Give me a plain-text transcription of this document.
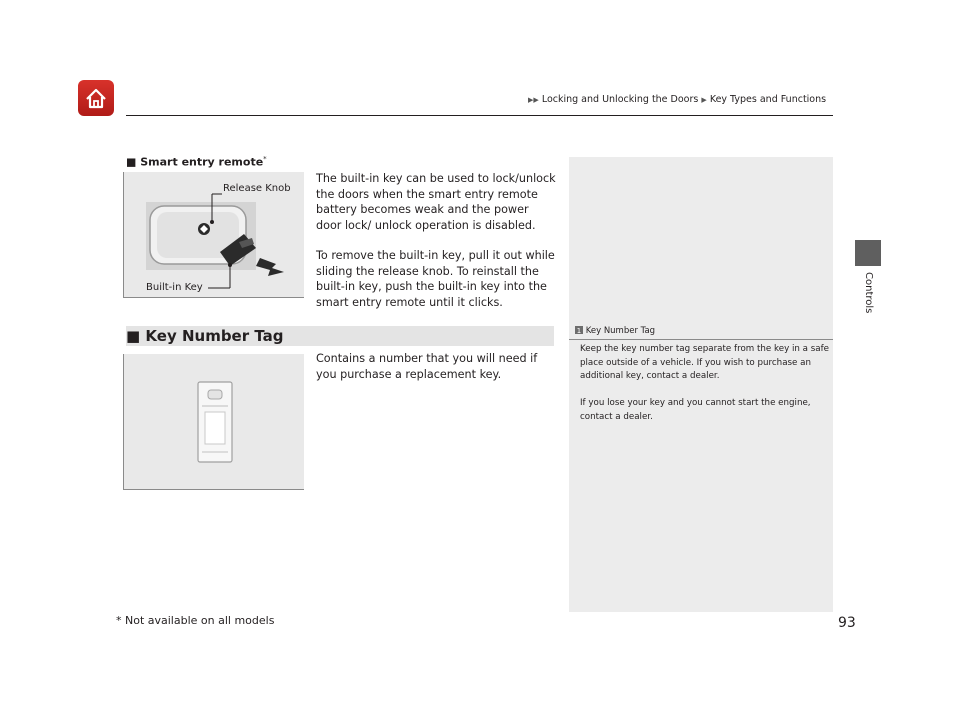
▶▶ Locking and Unlocking the Doors ▶ Key Types and Functions
Controls
■ Smart entry remote*
Release Knob
Built-in Key
The built-in key can be used to lock/unlock the doors when the smart entry remote battery becomes weak and the power door lock/ unlock operation is disabled.
To remove the built-in key, pull it out while sliding the release knob. To reinstall the built-in key, push the built-in key into the smart entry remote until it clicks.
■ Key Number Tag
Contains a number that you will need if you purchase a replacement key.
1 Key Number Tag

Keep the key number tag separate from the key in a safe place outside of a vehicle. If you wish to purchase an additional key, contact a dealer.

If you lose your key and you cannot start the engine, contact a dealer.

* Not available on all models	93
